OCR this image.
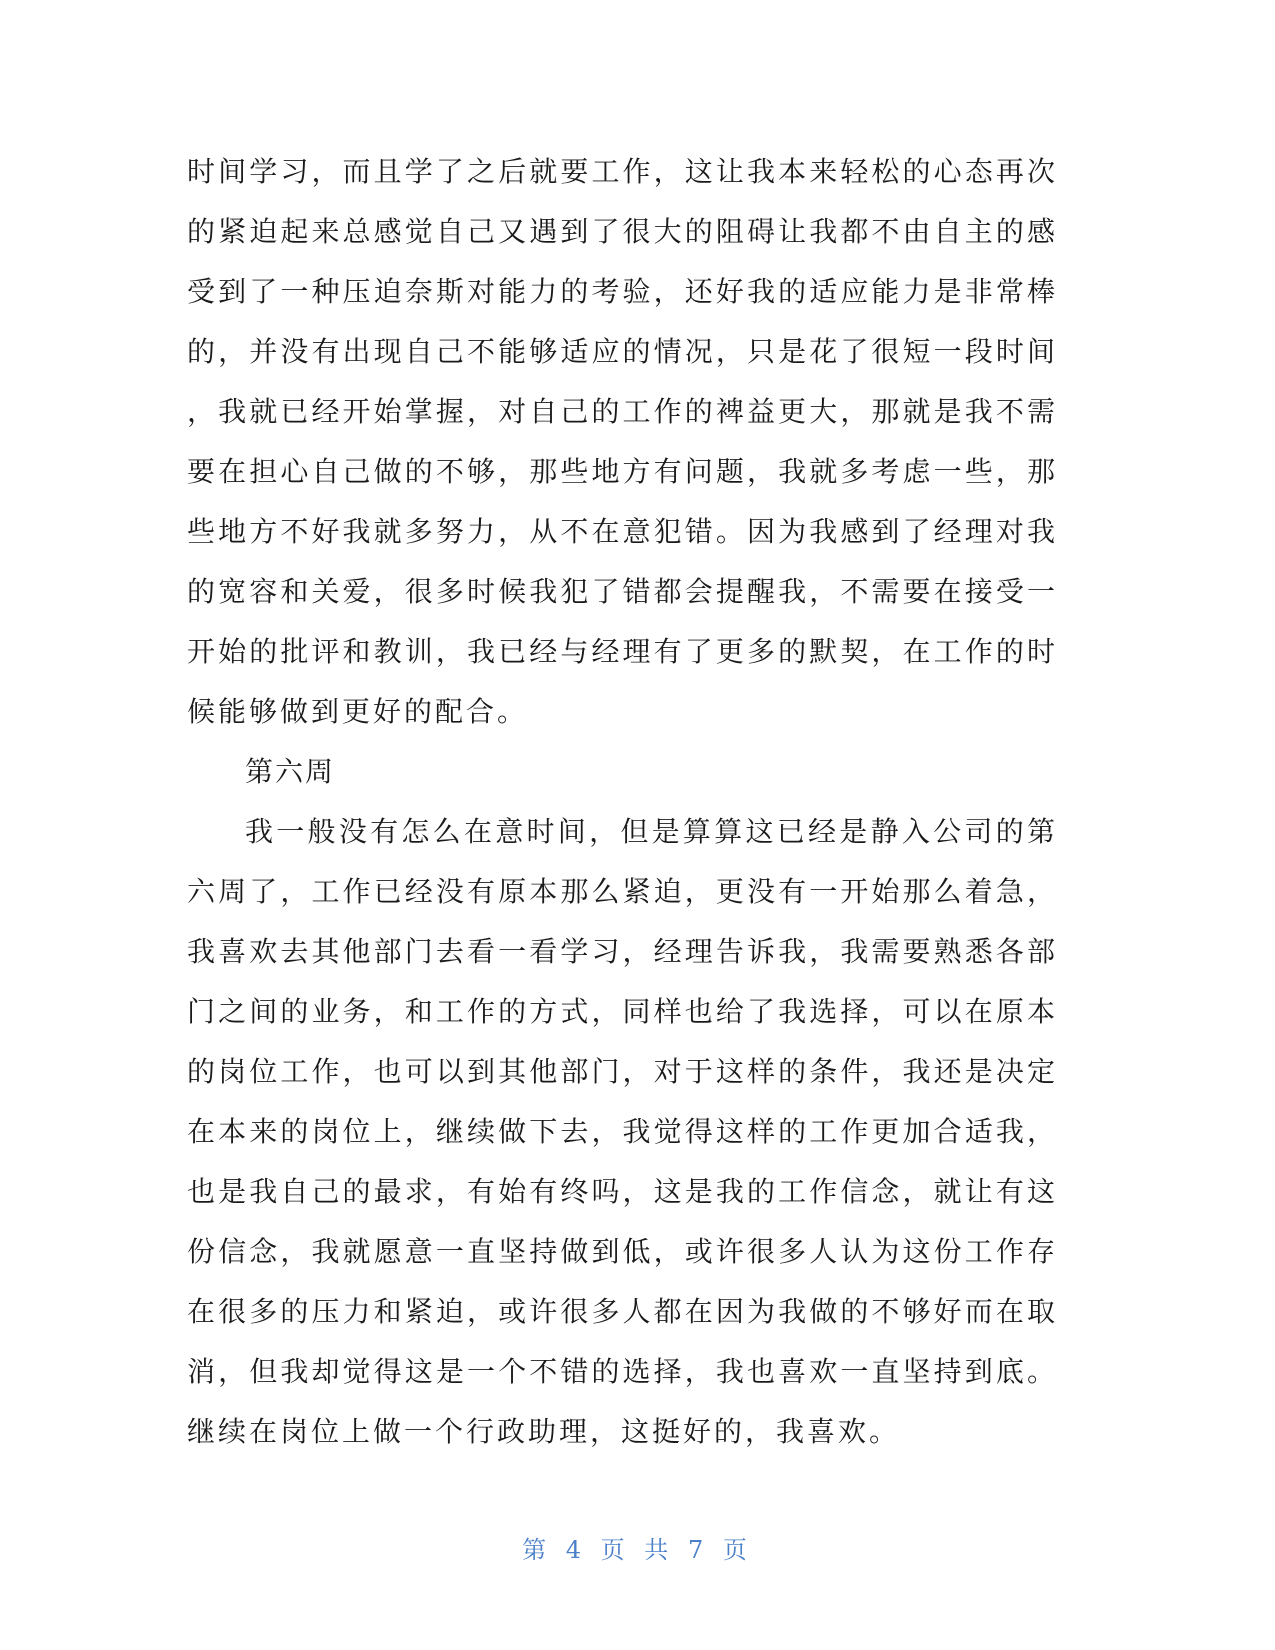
时间学习，而且学了之后就要工作，这让我本来轻松的心态再次
的紧迫起来总感觉自己又遇到了很大的阻碍让我都不由自主的感
受到了一种压迫奈斯对能力的考验，还好我的适应能力是非常棒
的，并没有出现自己不能够适应的情况，只是花了很短一段时间
，我就已经开始掌握，对自己的工作的裨益更大，那就是我不需
要在担心自己做的不够，那些地方有问题，我就多考虑一些，那
些地方不好我就多努力，从不在意犯错。因为我感到了经理对我
的宽容和关爱，很多时候我犯了错都会提醒我，不需要在接受一
开始的批评和教训，我已经与经理有了更多的默契，在工作的时
候能够做到更好的配合。
第六周
我一般没有怎么在意时间，但是算算这已经是静入公司的第
六周了，工作已经没有原本那么紧迫，更没有一开始那么着急，
我喜欢去其他部门去看一看学习，经理告诉我，我需要熟悉各部
门之间的业务，和工作的方式，同样也给了我选择，可以在原本
的岗位工作，也可以到其他部门，对于这样的条件，我还是决定
在本来的岗位上，继续做下去，我觉得这样的工作更加合适我，
也是我自己的最求，有始有终吗，这是我的工作信念，就让有这
份信念，我就愿意一直坚持做到低，或许很多人认为这份工作存
在很多的压力和紧迫，或许很多人都在因为我做的不够好而在取
消，但我却觉得这是一个不错的选择，我也喜欢一直坚持到底。
继续在岗位上做一个行政助理，这挺好的，我喜欢。
第 4 页 共 7 页
